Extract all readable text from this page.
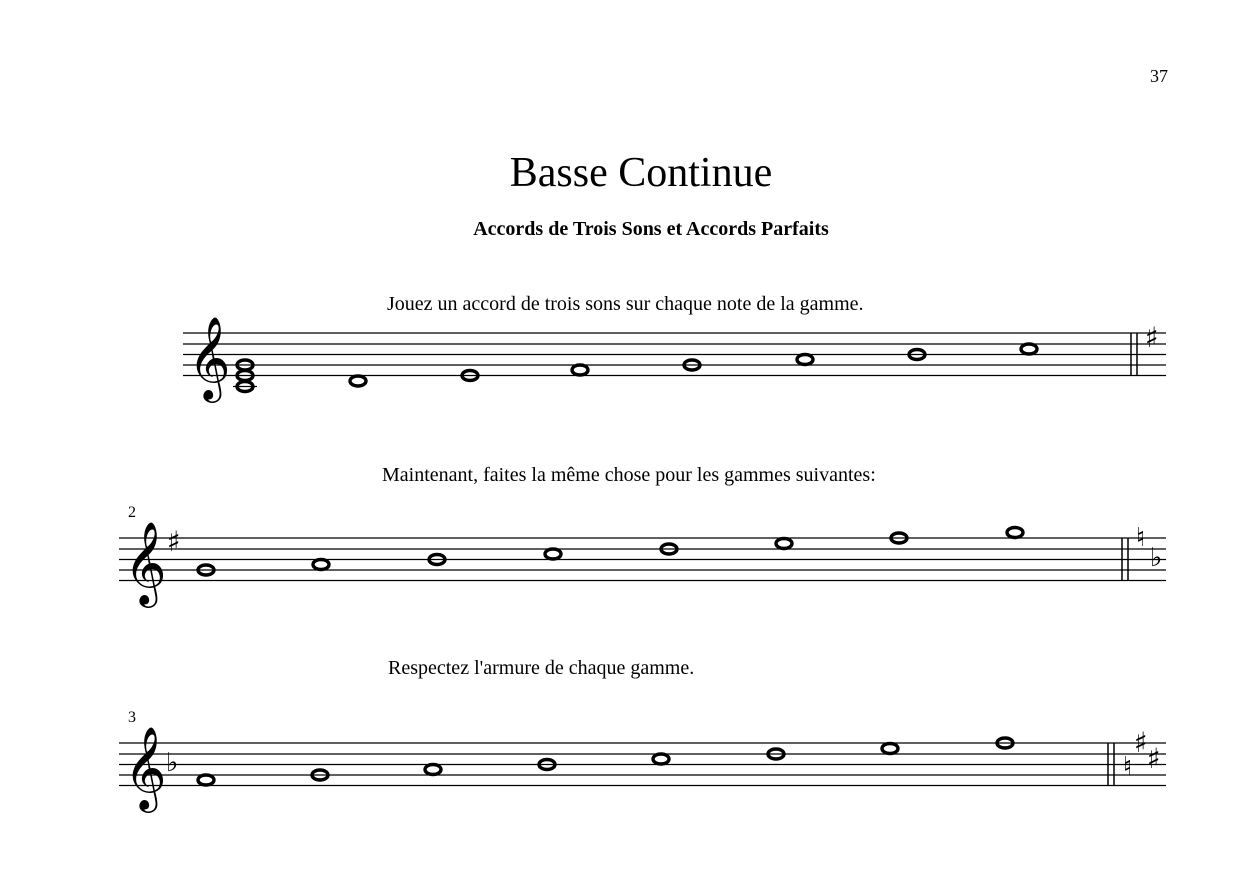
37
Basse Continue
Accords de Trois Sons et Accords Parfaits
Jouez un accord de trois sons sur chaque note de la gamme.
Maintenant, faites la même chose pour les gammes suivantes:
Respectez l'armure de chaque gamme.
2
3
𝄞	♯
𝄞 ♯	♮
♭
𝄞 ♭	♮
♯ ♯
